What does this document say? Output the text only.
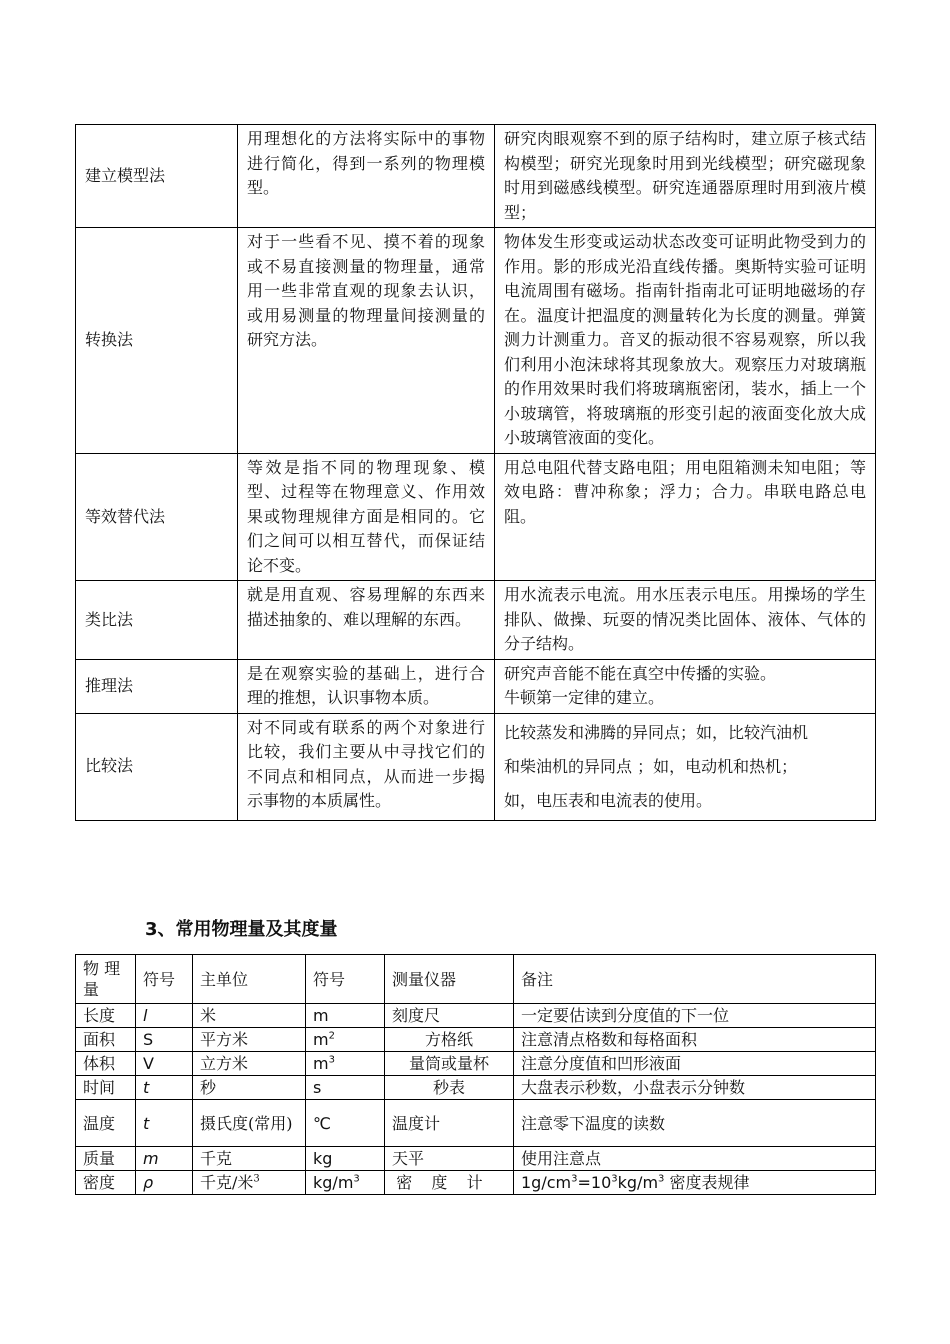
建立模型法	用理想化的方法将实际中的事物进行简化，得到一系列的物理模型。	研究肉眼观察不到的原子结构时，建立原子核式结构模型；研究光现象时用到光线模型；研究磁现象时用到磁感线模型。研究连通器原理时用到液片模型；
转换法	对于一些看不见、摸不着的现象或不易直接测量的物理量，通常用一些非常直观的现象去认识，或用易测量的物理量间接测量的研究方法。	物体发生形变或运动状态改变可证明此物受到力的作用。影的形成光沿直线传播。奥斯特实验可证明电流周围有磁场。指南针指南北可证明地磁场的存在。温度计把温度的测量转化为长度的测量。弹簧测力计测重力。音叉的振动很不容易观察，所以我们利用小泡沫球将其现象放大。观察压力对玻璃瓶的作用效果时我们将玻璃瓶密闭，装水，插上一个小玻璃管，将玻璃瓶的形变引起的液面变化放大成小玻璃管液面的变化。
等效替代法	等效是指不同的物理现象、模型、过程等在物理意义、作用效果或物理规律方面是相同的。它们之间可以相互替代，而保证结论不变。	用总电阻代替支路电阻；用电阻箱测未知电阻；等效电路：曹冲称象；浮力；合力。串联电路总电阻。
类比法	就是用直观、容易理解的东西来描述抽象的、难以理解的东西。	用水流表示电流。用水压表示电压。用操场的学生排队、做操、玩耍的情况类比固体、液体、气体的分子结构。
推理法	是在观察实验的基础上，进行合理的推想，认识事物本质。	研究声音能不能在真空中传播的实验。
牛顿第一定律的建立。

比较法	对不同或有联系的两个对象进行比较，我们主要从中寻找它们的不同点和相同点，从而进一步揭示事物的本质属性。	比较蒸发和沸腾的异同点；如，比较汽油机
和柴油机的异同点 ；如，电动机和热机；
如，电压表和电流表的使用。
3、常用物理量及其度量
物 理 量	符号	主单位	符号	测量仪器	备注
长度	l	米	m	刻度尺	一定要估读到分度值的下一位
面积	S	平方米	$m^2$	方格纸	注意清点格数和每格面积
体积	V	立方米	$m^3$	量筒或量杯	注意分度值和凹形液面
时间	t	秒	s	秒表	大盘表示秒数，小盘表示分钟数
温度	t	摄氏度(常用)	℃	温度计	注意零下温度的读数
质量	m	千克	kg	天平	使用注意点
密度	ρ	千克/米$^3$	$kg/m^3$	密度计	$1g/cm^3=10^3kg/m^3$ 密度表规律
